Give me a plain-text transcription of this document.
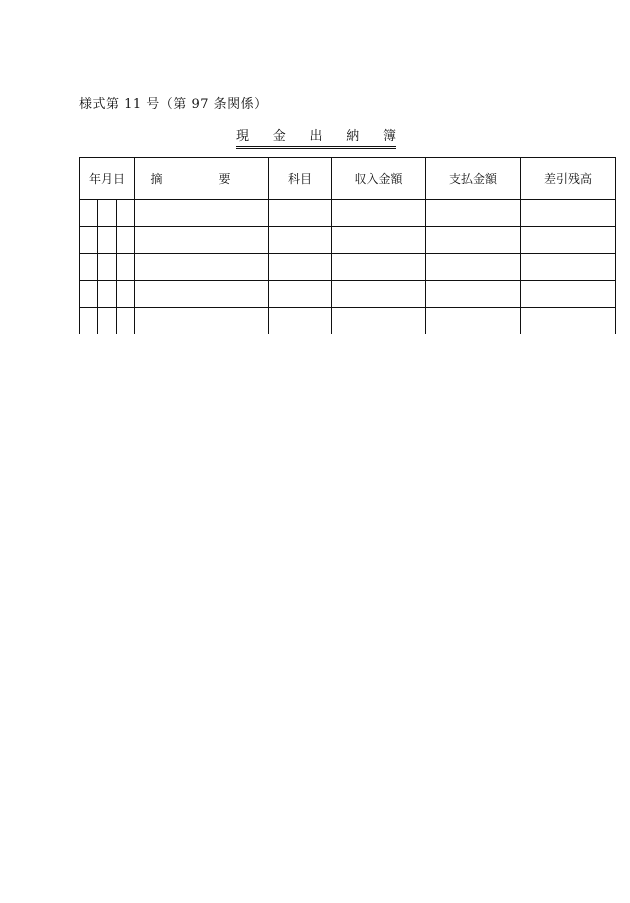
様式第 11 号（第 97 条関係）
現 金 出 納 簿
年月日			摘　要	科目	収入金額	支払金額	差引残高
